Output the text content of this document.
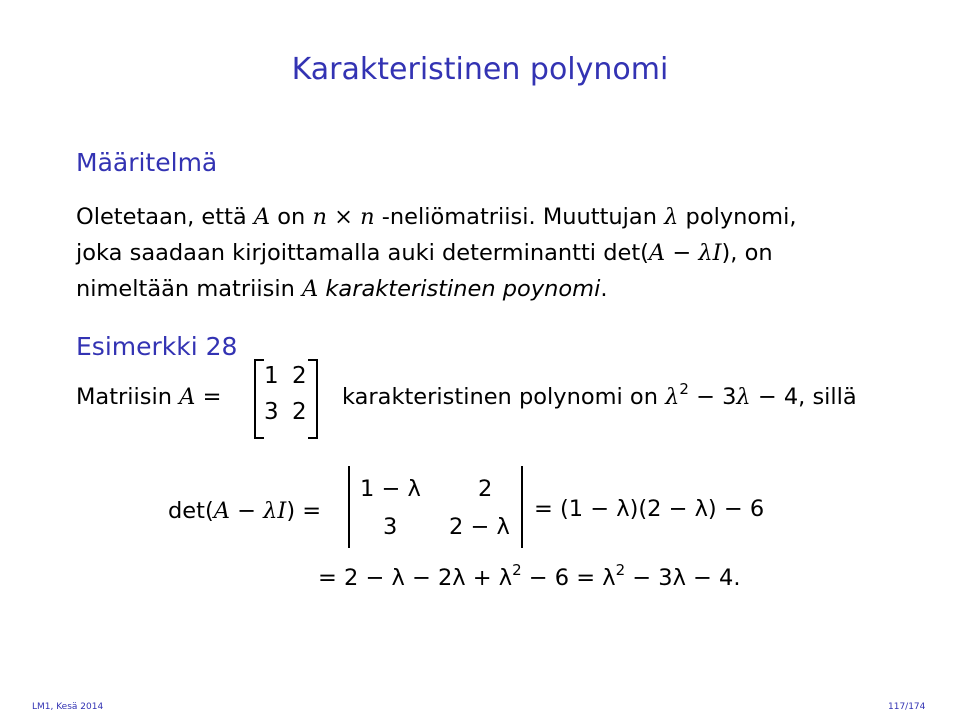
Karakteristinen polynomi
Määritelmä
Oletetaan, että A on n × n -neliömatriisi. Muuttujan λ polynomi,
joka saadaan kirjoittamalla auki determinantti det(A − λI), on
nimeltään matriisin A karakteristinen poynomi.
Esimerkki 28
Matriisin A =
1 2
3 2
karakteristinen polynomi on $\lambda^2 - 3\lambda - 4$, sillä
det(A − λI) =
1 − λ	2
3 2 − λ
= (1 − λ)(2 − λ) − 6
= $2 - \lambda - 2\lambda + \lambda^2 - 6 = \lambda^2 - 3\lambda - 4$.
LM1, Kesä 2014	117/174
